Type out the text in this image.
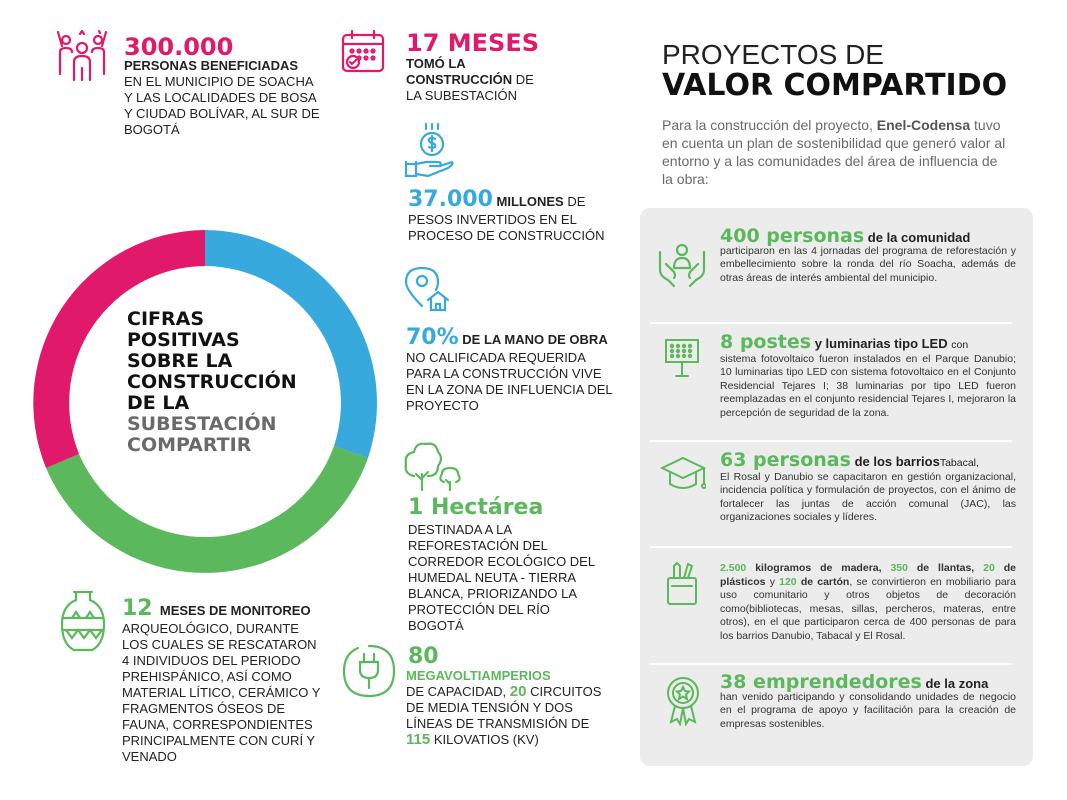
300.000
PERSONAS BENEFICIADAS
EN EL MUNICIPIO DE SOACHA Y LAS LOCALIDADES DE BOSA Y CIUDAD BOLÍVAR, AL SUR DE BOGOTÁ
17 MESES
TOMÓ LA
CONSTRUCCIÓN DE LA SUBESTACIÓN
37.000 MILLONES DE
PESOS INVERTIDOS EN EL PROCESO DE CONSTRUCCIÓN
70% DE LA MANO DE OBRA
NO CALIFICADA REQUERIDA PARA LA CONSTRUCCIÓN VIVE EN LA ZONA DE INFLUENCIA DEL PROYECTO
1 Hectárea
DESTINADA A LA REFORESTACIÓN DEL CORREDOR ECOLÓGICO DEL HUMEDAL NEUTA - TIERRA BLANCA, PRIORIZANDO LA PROTECCIÓN DEL RÍO BOGOTÁ
12 MESES DE MONITOREO
ARQUEOLÓGICO, DURANTE LOS CUALES SE RESCATARON 4 INDIVIDUOS DEL PERIODO PREHISPÁNICO, ASÍ COMO MATERIAL LÍTICO, CERÁMICO Y FRAGMENTOS ÓSEOS DE FAUNA, CORRESPONDIENTES PRINCIPALMENTE CON CURÍ Y VENADO
80
MEGAVOLTIAMPERIOS
DE CAPACIDAD, 20 CIRCUITOS DE MEDIA TENSIÓN Y DOS LÍNEAS DE TRANSMISIÓN DE
115 KILOVATIOS (KV)
CIFRAS
POSITIVAS
SOBRE LA
CONSTRUCCIÓN
DE LA
SUBESTACIÓN
COMPARTIR
PROYECTOS DE
VALOR COMPARTIDO
Para la construcción del proyecto, Enel-Codensa tuvo en cuenta un plan de sostenibilidad que generó valor al entorno y a las comunidades del área de influencia de la obra:
400 personas de la comunidad
participaron en las 4 jornadas del programa de reforestación y embellecimiento sobre la ronda del río Soacha, además de otras áreas de interés ambiental del municipio.
8 postes y luminarias tipo LED con
sistema fotovoltaico fueron instalados en el Parque Danubio; 10 luminarias tipo LED con sistema fotovoltaico en el Conjunto Residencial Tejares I; 38 luminarias por tipo LED fueron reemplazadas en el conjunto residencial Tejares I, mejoraron la percepción de seguridad de la zona.
63 personas de los barriosTabacal,
El Rosal y Danubio se capacitaron en gestión organizacional, incidencia política y formulación de proyectos, con el ánimo de fortalecer las juntas de acción comunal (JAC), las organizaciones sociales y líderes.
2.500 kilogramos de madera, 350 de llantas, 20 de plásticos y 120 de cartón, se convirtieron en mobiliario para uso comunitario y otros objetos de decoración como(bibliotecas, mesas, sillas, percheros, materas, entre otros), en el que participaron cerca de 400 personas de para los barrios Danubio, Tabacal y El Rosal.
38 emprendedores de la zona
han venido participando y consolidando unidades de negocio en el programa de apoyo y facilitación para la creación de empresas sostenibles.
